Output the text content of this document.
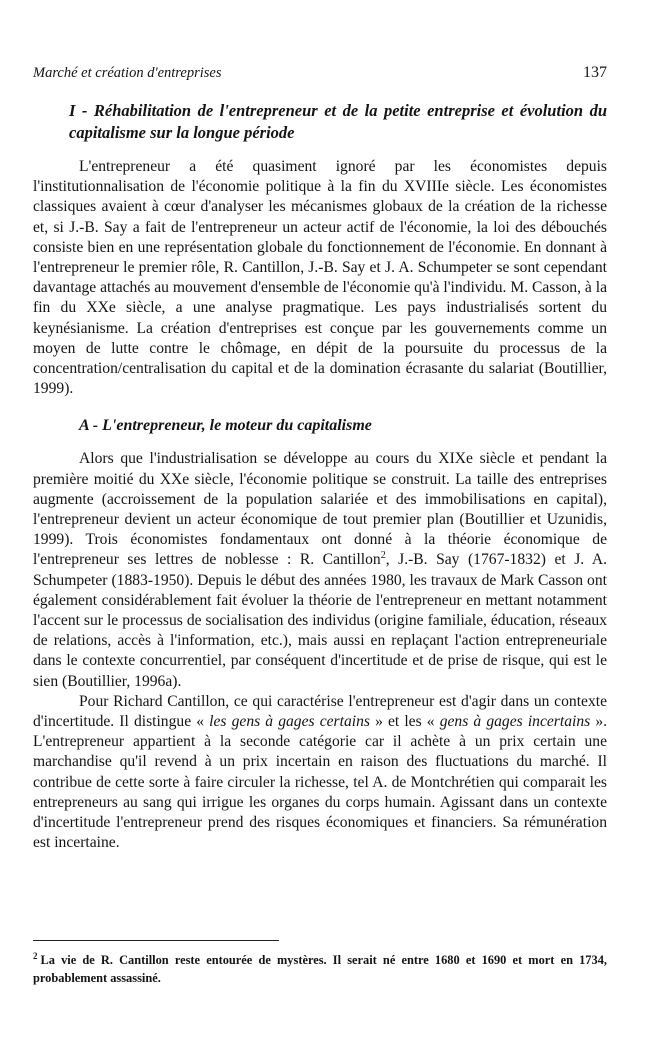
Marché et création d'entreprises	137
I - Réhabilitation de l'entrepreneur et de la petite entreprise et évolution du capitalisme sur la longue période

L'entrepreneur a été quasiment ignoré par les économistes depuis l'institutionnalisation de l'économie politique à la fin du XVIIIe siècle. Les économistes classiques avaient à cœur d'analyser les mécanismes globaux de la création de la richesse et, si J.-B. Say a fait de l'entrepreneur un acteur actif de l'économie, la loi des débouchés consiste bien en une représentation globale du fonctionnement de l'économie. En donnant à l'entrepreneur le premier rôle, R. Cantillon, J.-B. Say et J. A. Schumpeter se sont cependant davantage attachés au mouvement d'ensemble de l'économie qu'à l'individu. M. Casson, à la fin du XXe siècle, a une analyse pragmatique. Les pays industrialisés sortent du keynésianisme. La création d'entreprises est conçue par les gouvernements comme un moyen de lutte contre le chômage, en dépit de la poursuite du processus de la concentration/centralisation du capital et de la domination écrasante du salariat (Boutillier, 1999).

A - L'entrepreneur, le moteur du capitalisme

Alors que l'industrialisation se développe au cours du XIXe siècle et pendant la première moitié du XXe siècle, l'économie politique se construit. La taille des entreprises augmente (accroissement de la population salariée et des immobilisations en capital), l'entrepreneur devient un acteur économique de tout premier plan (Boutillier et Uzunidis, 1999). Trois économistes fondamentaux ont donné à la théorie économique de l'entrepreneur ses lettres de noblesse : R. Cantillon$^2$, J.-B. Say (1767-1832) et J. A. Schumpeter (1883-1950). Depuis le début des années 1980, les travaux de Mark Casson ont également considérablement fait évoluer la théorie de l'entrepreneur en mettant notamment l'accent sur le processus de socialisation des individus (origine familiale, éducation, réseaux de relations, accès à l'information, etc.), mais aussi en replaçant l'action entrepreneuriale dans le contexte concurrentiel, par conséquent d'incertitude et de prise de risque, qui est le sien (Boutillier, 1996a).

Pour Richard Cantillon, ce qui caractérise l'entrepreneur est d'agir dans un contexte d'incertitude. Il distingue « les gens à gages certains » et les « gens à gages incertains ». L'entrepreneur appartient à la seconde catégorie car il achète à un prix certain une marchandise qu'il revend à un prix incertain en raison des fluctuations du marché. Il contribue de cette sorte à faire circuler la richesse, tel A. de Montchrétien qui comparait les entrepreneurs au sang qui irrigue les organes du corps humain. Agissant dans un contexte d'incertitude l'entrepreneur prend des risques économiques et financiers. Sa rémunération est incertaine.

$^2$ La vie de R. Cantillon reste entourée de mystères. Il serait né entre 1680 et 1690 et mort en 1734, probablement assassiné.
